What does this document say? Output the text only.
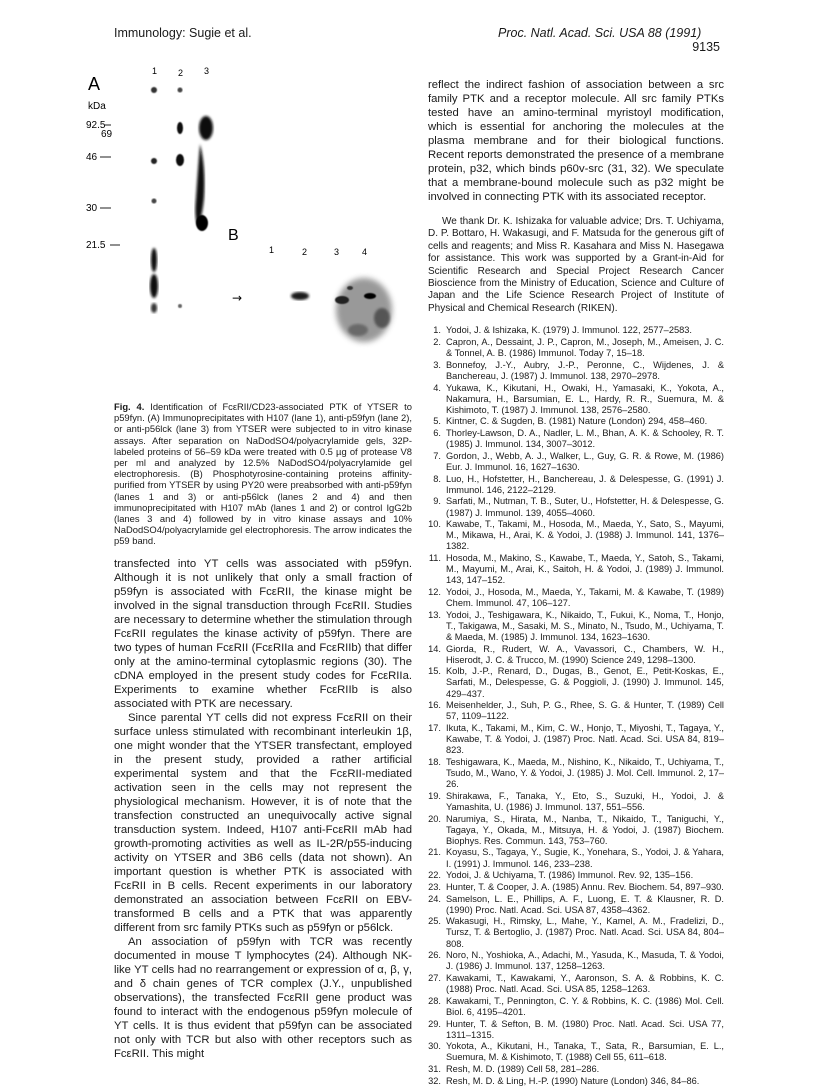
Immunology: Sugie et al.	Proc. Natl. Acad. Sci. USA 88 (1991)
9135
A
kDa
92.5
69
46
30
21.5
1 2 3
B
1	2	3	4
→

Fig. 4. Identification of FcεRII/CD23-associated PTK of YTSER to p59fyn. (A) Immunoprecipitates with H107 (lane 1), anti-p59fyn (lane 2), or anti-p56lck (lane 3) from YTSER were subjected to in vitro kinase assays. After separation on NaDodSO4/polyacrylamide gels, 32P-labeled proteins of 56–59 kDa were treated with 0.5 µg of protease V8 per ml and analyzed by 12.5% NaDodSO4/polyacrylamide gel electrophoresis. (B) Phosphotyrosine-containing proteins affinity-purified from YTSER by using PY20 were preabsorbed with anti-p59fyn (lanes 1 and 3) or anti-p56lck (lanes 2 and 4) and then immunoprecipitated with H107 mAb (lanes 1 and 2) or control IgG2b (lanes 3 and 4) followed by in vitro kinase assays and 10% NaDodSO4/polyacrylamide gel electrophoresis. The arrow indicates the p59 band.

transfected into YT cells was associated with p59fyn. Although it is not unlikely that only a small fraction of p59fyn is associated with FcεRII, the kinase might be involved in the signal transduction through FcεRII. Studies are necessary to determine whether the stimulation through FcεRII regulates the kinase activity of p59fyn. There are two types of human FcεRII (FcεRIIa and FcεRIIb) that differ only at the amino-terminal cytoplasmic regions (30). The cDNA employed in the present study codes for FcεRIIa. Experiments to examine whether FcεRIIb is also associated with PTK are necessary.

Since parental YT cells did not express FcεRII on their surface unless stimulated with recombinant interleukin 1β, one might wonder that the YTSER transfectant, employed in the present study, provided a rather artificial experimental system and that the FcεRII-mediated activation seen in the cells may not represent the physiological mechanism. However, it is of note that the transfection constructed an unequivocally active signal transduction system. Indeed, H107 anti-FcεRII mAb had growth-promoting activities as well as IL-2R/p55-inducing activity on YTSER and 3B6 cells (data not shown). An important question is whether PTK is associated with FcεRII in B cells. Recent experiments in our laboratory demonstrated an association between FcεRII on EBV-transformed B cells and a PTK that was apparently different from src family PTKs such as p59fyn or p56lck.

An association of p59fyn with TCR was recently documented in mouse T lymphocytes (24). Although NK-like YT cells had no rearrangement or expression of α, β, γ, and δ chain genes of TCR complex (J.Y., unpublished observations), the transfected FcεRII gene product was found to interact with the endogenous p59fyn molecule of YT cells. It is thus evident that p59fyn can be associated not only with TCR but also with other receptors such as FcεRII. This might

reflect the indirect fashion of association between a src family PTK and a receptor molecule. All src family PTKs tested have an amino-terminal myristoyl modification, which is essential for anchoring the molecules at the plasma membrane and for their biological functions. Recent reports demonstrated the presence of a membrane protein, p32, which binds p60v-src (31, 32). We speculate that a membrane-bound molecule such as p32 might be involved in connecting PTK with its associated receptor.

We thank Dr. K. Ishizaka for valuable advice; Drs. T. Uchiyama, D. P. Bottaro, H. Wakasugi, and F. Matsuda for the generous gift of cells and reagents; and Miss R. Kasahara and Miss N. Hasegawa for assistance. This work was supported by a Grant-in-Aid for Scientific Research and Special Project Research Cancer Bioscience from the Ministry of Education, Science and Culture of Japan and the Life Science Research Project of Institute of Physical and Chemical Research (RIKEN).

1. Yodoi, J. & Ishizaka, K. (1979) J. Immunol. 122, 2577–2583.
2. Capron, A., Dessaint, J. P., Capron, M., Joseph, M., Ameisen, J. C. & Tonnel, A. B. (1986) Immunol. Today 7, 15–18.
3. Bonnefoy, J.-Y., Aubry, J.-P., Peronne, C., Wijdenes, J. & Banchereau, J. (1987) J. Immunol. 138, 2970–2978.
4. Yukawa, K., Kikutani, H., Owaki, H., Yamasaki, K., Yokota, A., Nakamura, H., Barsumian, E. L., Hardy, R. R., Suemura, M. & Kishimoto, T. (1987) J. Immunol. 138, 2576–2580.
5. Kintner, C. & Sugden, B. (1981) Nature (London) 294, 458–460.
6. Thorley-Lawson, D. A., Nadler, L. M., Bhan, A. K. & Schooley, R. T. (1985) J. Immunol. 134, 3007–3012.
7. Gordon, J., Webb, A. J., Walker, L., Guy, G. R. & Rowe, M. (1986) Eur. J. Immunol. 16, 1627–1630.
8. Luo, H., Hofstetter, H., Banchereau, J. & Delespesse, G. (1991) J. Immunol. 146, 2122–2129.
9. Sarfati, M., Nutman, T. B., Suter, U., Hofstetter, H. & Delespesse, G. (1987) J. Immunol. 139, 4055–4060.
10. Kawabe, T., Takami, M., Hosoda, M., Maeda, Y., Sato, S., Mayumi, M., Mikawa, H., Arai, K. & Yodoi, J. (1988) J. Immunol. 141, 1376–1382.
11. Hosoda, M., Makino, S., Kawabe, T., Maeda, Y., Satoh, S., Takami, M., Mayumi, M., Arai, K., Saitoh, H. & Yodoi, J. (1989) J. Immunol. 143, 147–152.
12. Yodoi, J., Hosoda, M., Maeda, Y., Takami, M. & Kawabe, T. (1989) Chem. Immunol. 47, 106–127.
13. Yodoi, J., Teshigawara, K., Nikaido, T., Fukui, K., Noma, T., Honjo, T., Takigawa, M., Sasaki, M. S., Minato, N., Tsudo, M., Uchiyama, T. & Maeda, M. (1985) J. Immunol. 134, 1623–1630.
14. Giorda, R., Rudert, W. A., Vavassori, C., Chambers, W. H., Hiserodt, J. C. & Trucco, M. (1990) Science 249, 1298–1300.
15. Kolb, J.-P., Renard, D., Dugas, B., Genot, E., Petit-Koskas, E., Sarfati, M., Delespesse, G. & Poggioli, J. (1990) J. Immunol. 145, 429–437.
16. Meisenhelder, J., Suh, P. G., Rhee, S. G. & Hunter, T. (1989) Cell 57, 1109–1122.
17. Ikuta, K., Takami, M., Kim, C. W., Honjo, T., Miyoshi, T., Tagaya, Y., Kawabe, T. & Yodoi, J. (1987) Proc. Natl. Acad. Sci. USA 84, 819–823.
18. Teshigawara, K., Maeda, M., Nishino, K., Nikaido, T., Uchiyama, T., Tsudo, M., Wano, Y. & Yodoi, J. (1985) J. Mol. Cell. Immunol. 2, 17–26.
19. Shirakawa, F., Tanaka, Y., Eto, S., Suzuki, H., Yodoi, J. & Yamashita, U. (1986) J. Immunol. 137, 551–556.
20. Narumiya, S., Hirata, M., Nanba, T., Nikaido, T., Taniguchi, Y., Tagaya, Y., Okada, M., Mitsuya, H. & Yodoi, J. (1987) Biochem. Biophys. Res. Commun. 143, 753–760.
21. Koyasu, S., Tagaya, Y., Sugie, K., Yonehara, S., Yodoi, J. & Yahara, I. (1991) J. Immunol. 146, 233–238.
22. Yodoi, J. & Uchiyama, T. (1986) Immunol. Rev. 92, 135–156.
23. Hunter, T. & Cooper, J. A. (1985) Annu. Rev. Biochem. 54, 897–930.
24. Samelson, L. E., Phillips, A. F., Luong, E. T. & Klausner, R. D. (1990) Proc. Natl. Acad. Sci. USA 87, 4358–4362.
25. Wakasugi, H., Rimsky, L., Mahe, Y., Kamel, A. M., Fradelizi, D., Tursz, T. & Bertoglio, J. (1987) Proc. Natl. Acad. Sci. USA 84, 804–808.
26. Noro, N., Yoshioka, A., Adachi, M., Yasuda, K., Masuda, T. & Yodoi, J. (1986) J. Immunol. 137, 1258–1263.
27. Kawakami, T., Kawakami, Y., Aaronson, S. A. & Robbins, K. C. (1988) Proc. Natl. Acad. Sci. USA 85, 1258–1263.
28. Kawakami, T., Pennington, C. Y. & Robbins, K. C. (1986) Mol. Cell. Biol. 6, 4195–4201.
29. Hunter, T. & Sefton, B. M. (1980) Proc. Natl. Acad. Sci. USA 77, 1311–1315.
30. Yokota, A., Kikutani, H., Tanaka, T., Sata, R., Barsumian, E. L., Suemura, M. & Kishimoto, T. (1988) Cell 55, 611–618.
31. Resh, M. D. (1989) Cell 58, 281–286.
32. Resh, M. D. & Ling, H.-P. (1990) Nature (London) 346, 84–86.
